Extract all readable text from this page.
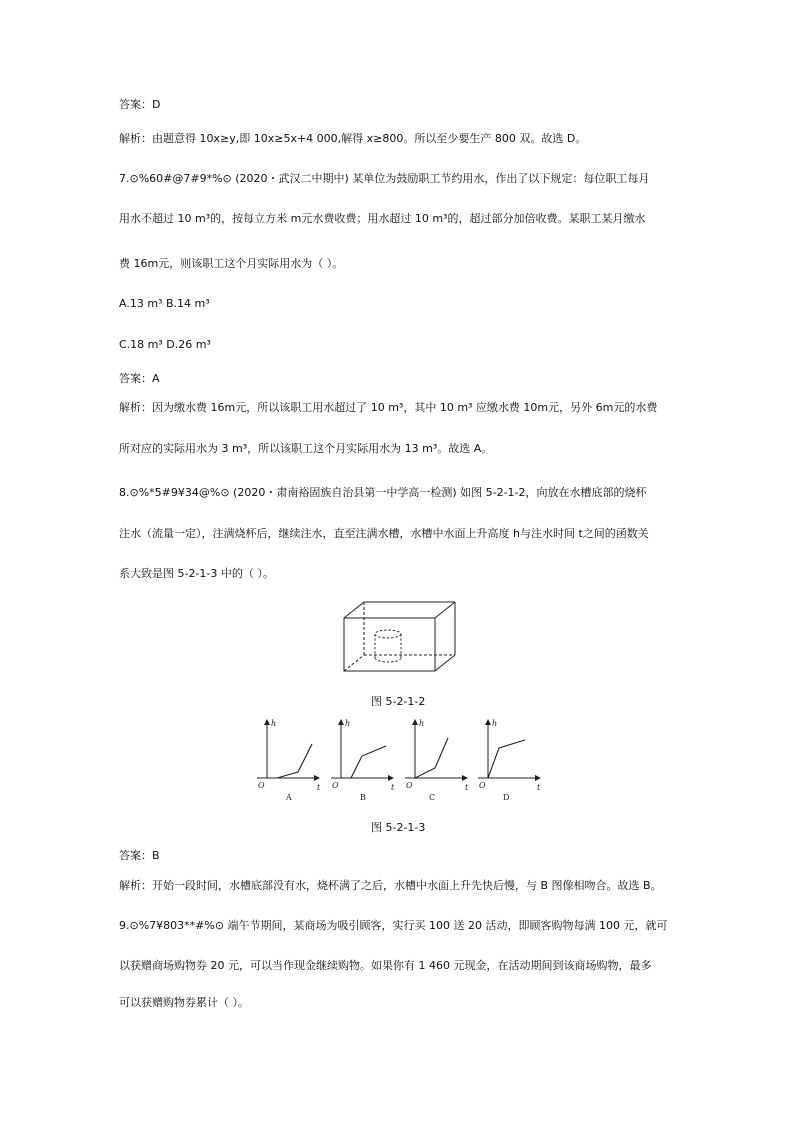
答案：D
解析：由题意得 10x≥y,即 10x≥5x+4 000,解得 x≥800。所以至少要生产 800 双。故选 D。
7.⊙%60#@7#9*%⊙ (2020・武汉二中期中) 某单位为鼓励职工节约用水，作出了以下规定：每位职工每月
用水不超过 10 m³的，按每立方米 m元水费收费；用水超过 10 m³的，超过部分加倍收费。某职工某月缴水
费 16m元，则该职工这个月实际用水为（ ）。
A.13 m³ B.14 m³
C.18 m³ D.26 m³
答案：A
解析：因为缴水费 16m元，所以该职工用水超过了 10 m³，其中 10 m³ 应缴水费 10m元，另外 6m元的水费
所对应的实际用水为 3 m³，所以该职工这个月实际用水为 13 m³。故选 A。
8.⊙%*5#9¥34@%⊙ (2020・肃南裕固族自治县第一中学高一检测) 如图 5-2-1-2，向放在水槽底部的烧杯
注水（流量一定），注满烧杯后，继续注水，直至注满水槽，水槽中水面上升高度 h与注水时间 t之间的函数关
系大致是图 5-2-1-3 中的（ ）。
图 5-2-1-2
h
t
O
A
h
t
O
B
h
t
O
C
h
t
O
D
图 5-2-1-3
答案：B
解析：开始一段时间，水槽底部没有水，烧杯满了之后，水槽中水面上升先快后慢，与 B 图像相吻合。故选 B。
9.⊙%7¥803**#%⊙ 端午节期间，某商场为吸引顾客，实行买 100 送 20 活动，即顾客购物每满 100 元，就可
以获赠商场购物券 20 元，可以当作现金继续购物。如果你有 1 460 元现金，在活动期间到该商场购物，最多
可以获赠购物券累计（ ）。
